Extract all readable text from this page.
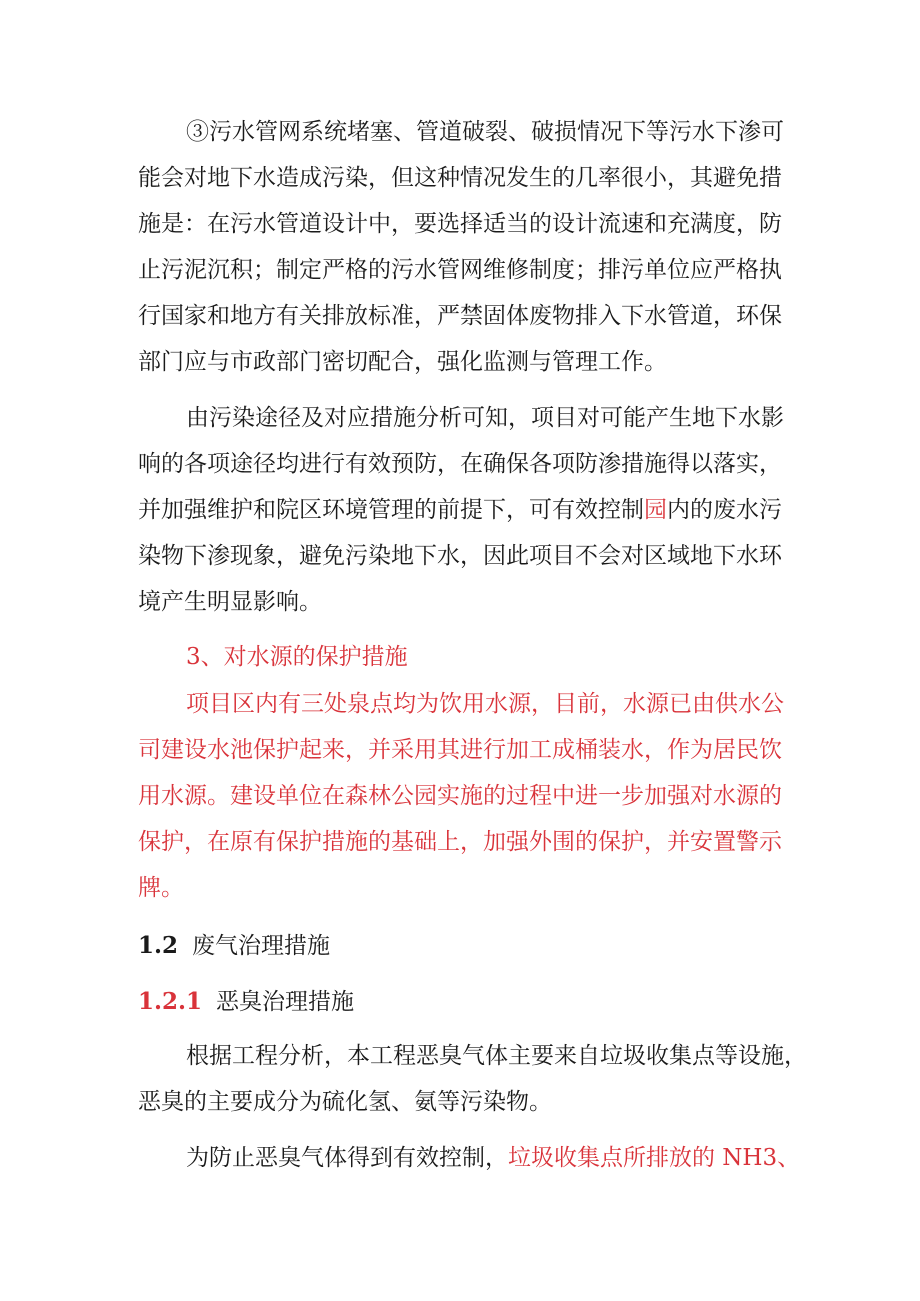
③污水管网系统堵塞、管道破裂、破损情况下等污水下渗可
能会对地下水造成污染，但这种情况发生的几率很小，其避免措
施是：在污水管道设计中，要选择适当的设计流速和充满度，防
止污泥沉积；制定严格的污水管网维修制度；排污单位应严格执
行国家和地方有关排放标准，严禁固体废物排入下水管道，环保
部门应与市政部门密切配合，强化监测与管理工作。
由污染途径及对应措施分析可知，项目对可能产生地下水影
响的各项途径均进行有效预防，在确保各项防渗措施得以落实，
并加强维护和院区环境管理的前提下，可有效控制园内的废水污
染物下渗现象，避免污染地下水，因此项目不会对区域地下水环
境产生明显影响。
3、对水源的保护措施
项目区内有三处泉点均为饮用水源，目前，水源已由供水公
司建设水池保护起来，并采用其进行加工成桶装水，作为居民饮
用水源。建设单位在森林公园实施的过程中进一步加强对水源的
保护，在原有保护措施的基础上，加强外围的保护，并安置警示
牌。
1.2 废气治理措施
1.2.1 恶臭治理措施
根据工程分析，本工程恶臭气体主要来自垃圾收集点等设施，
恶臭的主要成分为硫化氢、氨等污染物。
为防止恶臭气体得到有效控制，垃圾收集点所排放的 NH3、
